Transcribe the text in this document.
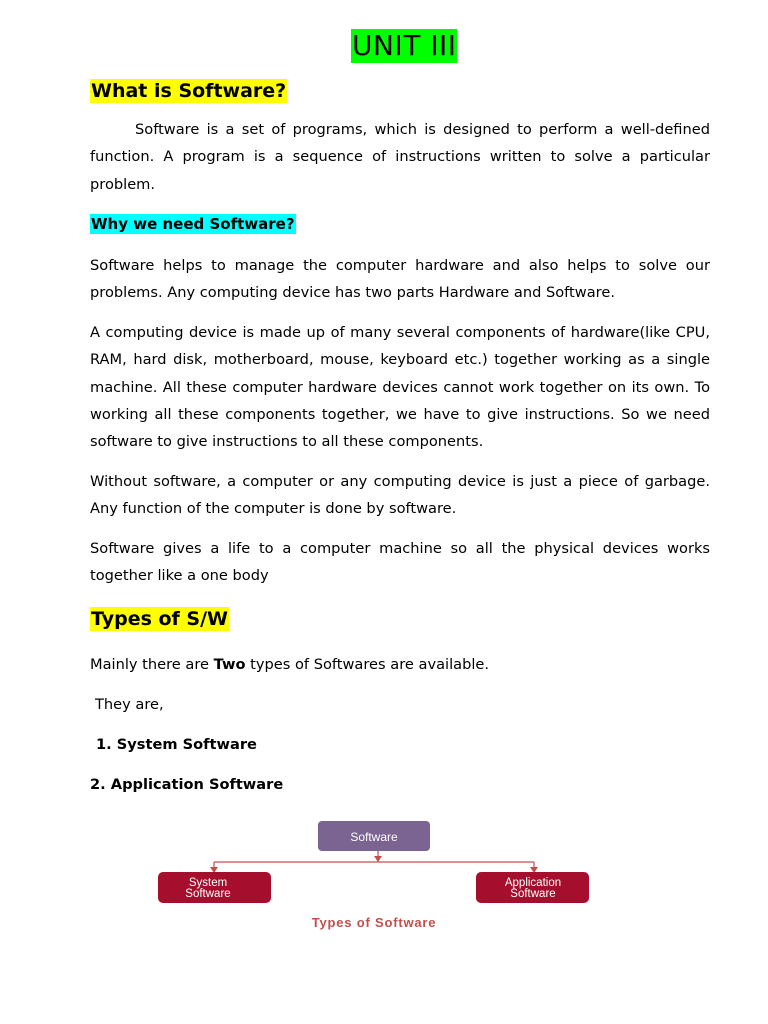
UNIT III
What is Software?

Software is a set of programs, which is designed to perform a well-defined function. A program is a sequence of instructions written to solve a particular problem.

Why we need Software?

Software helps to manage the computer hardware and also helps to solve our problems. Any computing device has two parts Hardware and Software.

A computing device is made up of many several components of hardware(like CPU, RAM, hard disk, motherboard, mouse, keyboard etc.) together working as a single machine. All these computer hardware devices cannot work together on its own. To working all these components together, we have to give instructions. So we need software to give instructions to all these components.

Without software, a computer or any computing device is just a piece of garbage. Any function of the computer is done by software.

Software gives a life to a computer machine so all the physical devices works together like a one body

Types of S/W
Mainly there are Two types of Softwares are available.
They are,
1. System Software
2. Application Software
Software
System
Software
Application
Software
Types of Software
